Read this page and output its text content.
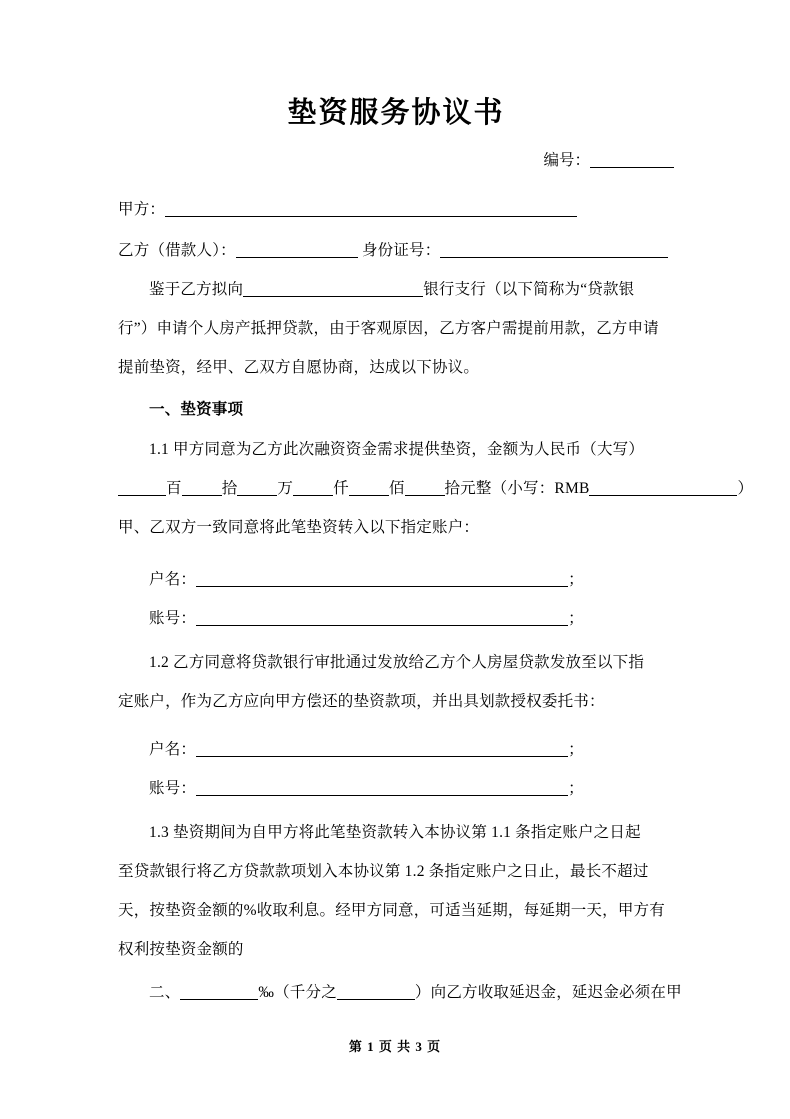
垫资服务协议书
编号：
甲方：
乙方（借款人）：	身份证号：
鉴于乙方拟向	银行支行（以下简称为“贷款银
行”）申请个人房产抵押贷款，由于客观原因，乙方客户需提前用款，乙方申请
提前垫资，经甲、乙双方自愿协商，达成以下协议。
一、垫资事项
1.1 甲方同意为乙方此次融资资金需求提供垫资，金额为人民币（大写）
百	拾	万	仟	佰	拾元整（小写：RMB	）
甲、乙双方一致同意将此笔垫资转入以下指定账户：
户名：	；
账号：	；
1.2 乙方同意将贷款银行审批通过发放给乙方个人房屋贷款发放至以下指
定账户，作为乙方应向甲方偿还的垫资款项，并出具划款授权委托书：
户名：	；
账号：	；
1.3 垫资期间为自甲方将此笔垫资款转入本协议第 1.1 条指定账户之日起
至贷款银行将乙方贷款款项划入本协议第 1.2 条指定账户之日止，最长不超过
天，按垫资金额的%收取利息。经甲方同意，可适当延期，每延期一天，甲方有
权利按垫资金额的
二、	‰（千分之	）向乙方收取延迟金，延迟金必须在甲
第 1 页 共 3 页
